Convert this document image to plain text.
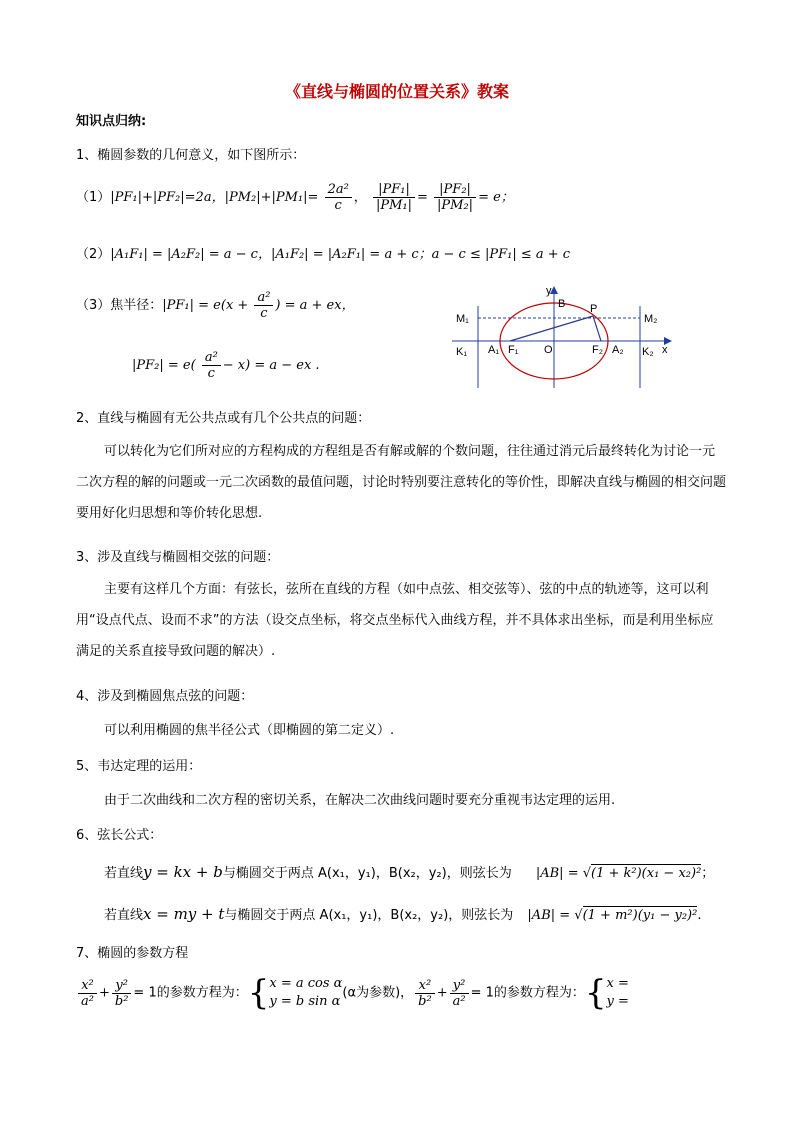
《直线与椭圆的位置关系》教案
知识点归纳:
1、椭圆参数的几何意义，如下图所示：
（1）|PF₁|+|PF₂|=2a，$|PM_2|+|PM_1|= \frac{\text{2a²}}{c}$ ， $\frac{\text{|PF₁|}}{\text{|PM₁|}} = \frac{\text{|PF₂|}}{\text{|PM₂|}} = e$；
（2）|A₁F₁| = |A₂F₂| = a − c，|A₁F₂| = |A₂F₁| = a + c；a − c ≤ |PF₁| ≤ a + c
（3）焦半径：$|PF_1| = e(x + \frac{\text{a²}}{c}$ ) = a + ex，
$|PF_2| = e( \frac{\text{a²}}{c} - x) = a$ − ex .
y
B P
M₁	M₂
K₁	K₂ x
A₁ F₁ O	F₂ A₂
2、直线与椭圆有无公共点或有几个公共点的问题：
可以转化为它们所对应的方程构成的方程组是否有解或解的个数问题，往往通过消元后最终转化为讨论一元二次方程的解的问题或一元二次函数的最值问题，讨论时特别要注意转化的等价性，即解决直线与椭圆的相交问题要用好化归思想和等价转化思想.
3、涉及直线与椭圆相交弦的问题：
主要有这样几个方面：有弦长，弦所在直线的方程（如中点弦、相交弦等）、弦的中点的轨迹等，这可以利用“设点代点、设而不求”的方法（设交点坐标，将交点坐标代入曲线方程，并不具体求出坐标，而是利用坐标应满足的关系直接导致问题的解决）.
4、涉及到椭圆焦点弦的问题：
可以利用椭圆的焦半径公式（即椭圆的第二定义）.
5、韦达定理的运用：
由于二次曲线和二次方程的密切关系，在解决二次曲线问题时要充分重视韦达定理的运用.
6、弦长公式：
若直线y = kx + b与椭圆交于两点 A(x₁，y₁)，B(x₂，y₂)，则弦长为 |AB| = √(1 + k²)(x₁ − x₂)²；
若直线x = my + t与椭圆交于两点 A(x₁，y₁)，B(x₂，y₂)，则弦长为 |AB| = √(1 + m²)(y₁ − y₂)².
7、椭圆的参数方程
$\frac{\text{x²}}{\text{a²}} + \frac{\text{y²}}{\text{b²}} = 1$的参数方程为：{ x = a cos α
y = b sin α
(α为参数)， $\frac{\text{x²}}{\text{b²}} + \frac{\text{y²}}{\text{a²}} = 1$的参数方程为：{ x =
y =
